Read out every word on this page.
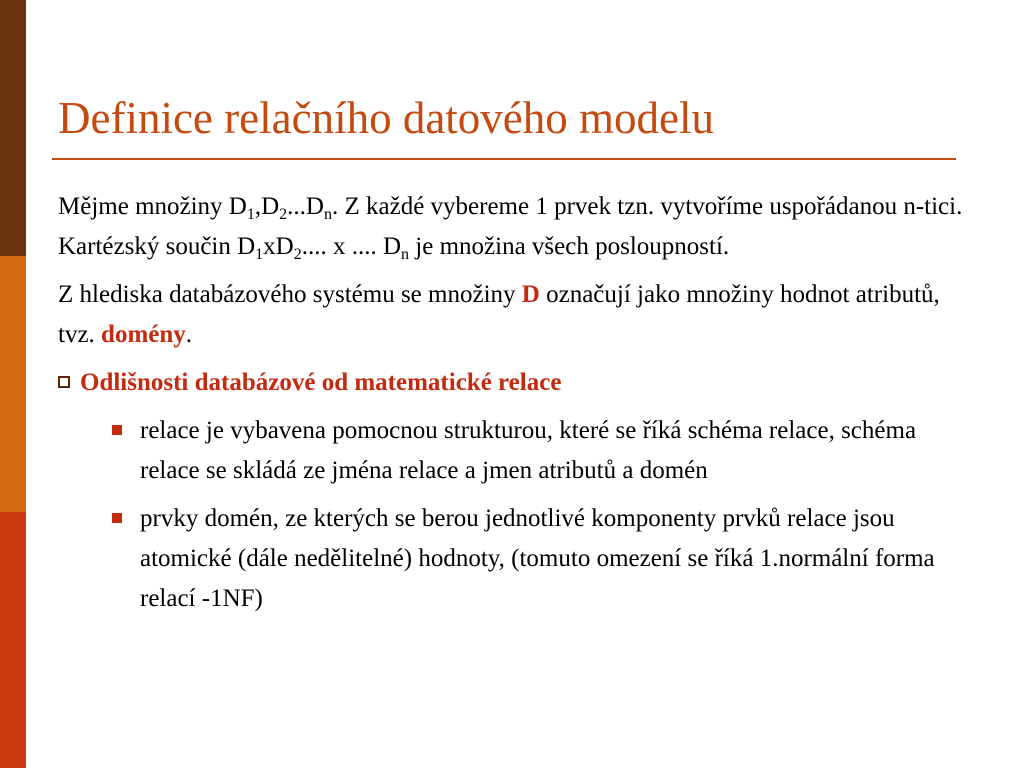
Definice relačního datového modelu

Mějme množiny $D_1,D_2...D_n$. Z každé vybereme 1 prvek tzn. vytvoříme uspořádanou n-tici. Kartézský součin $D_1xD_2$.... x .... $D_n$ je množina všech posloupností.

Z hlediska databázového systému se množiny D označují jako množiny hodnot atributů, tvz. domény.

Odlišnosti databázové od matematické relace
relace je vybavena pomocnou strukturou, které se říká schéma relace, schéma relace se skládá ze jména relace a jmen atributů a domén
prvky domén, ze kterých se berou jednotlivé komponenty prvků relace jsou atomické (dále nedělitelné) hodnoty, (tomuto omezení se říká 1.normální forma relací -1NF)
